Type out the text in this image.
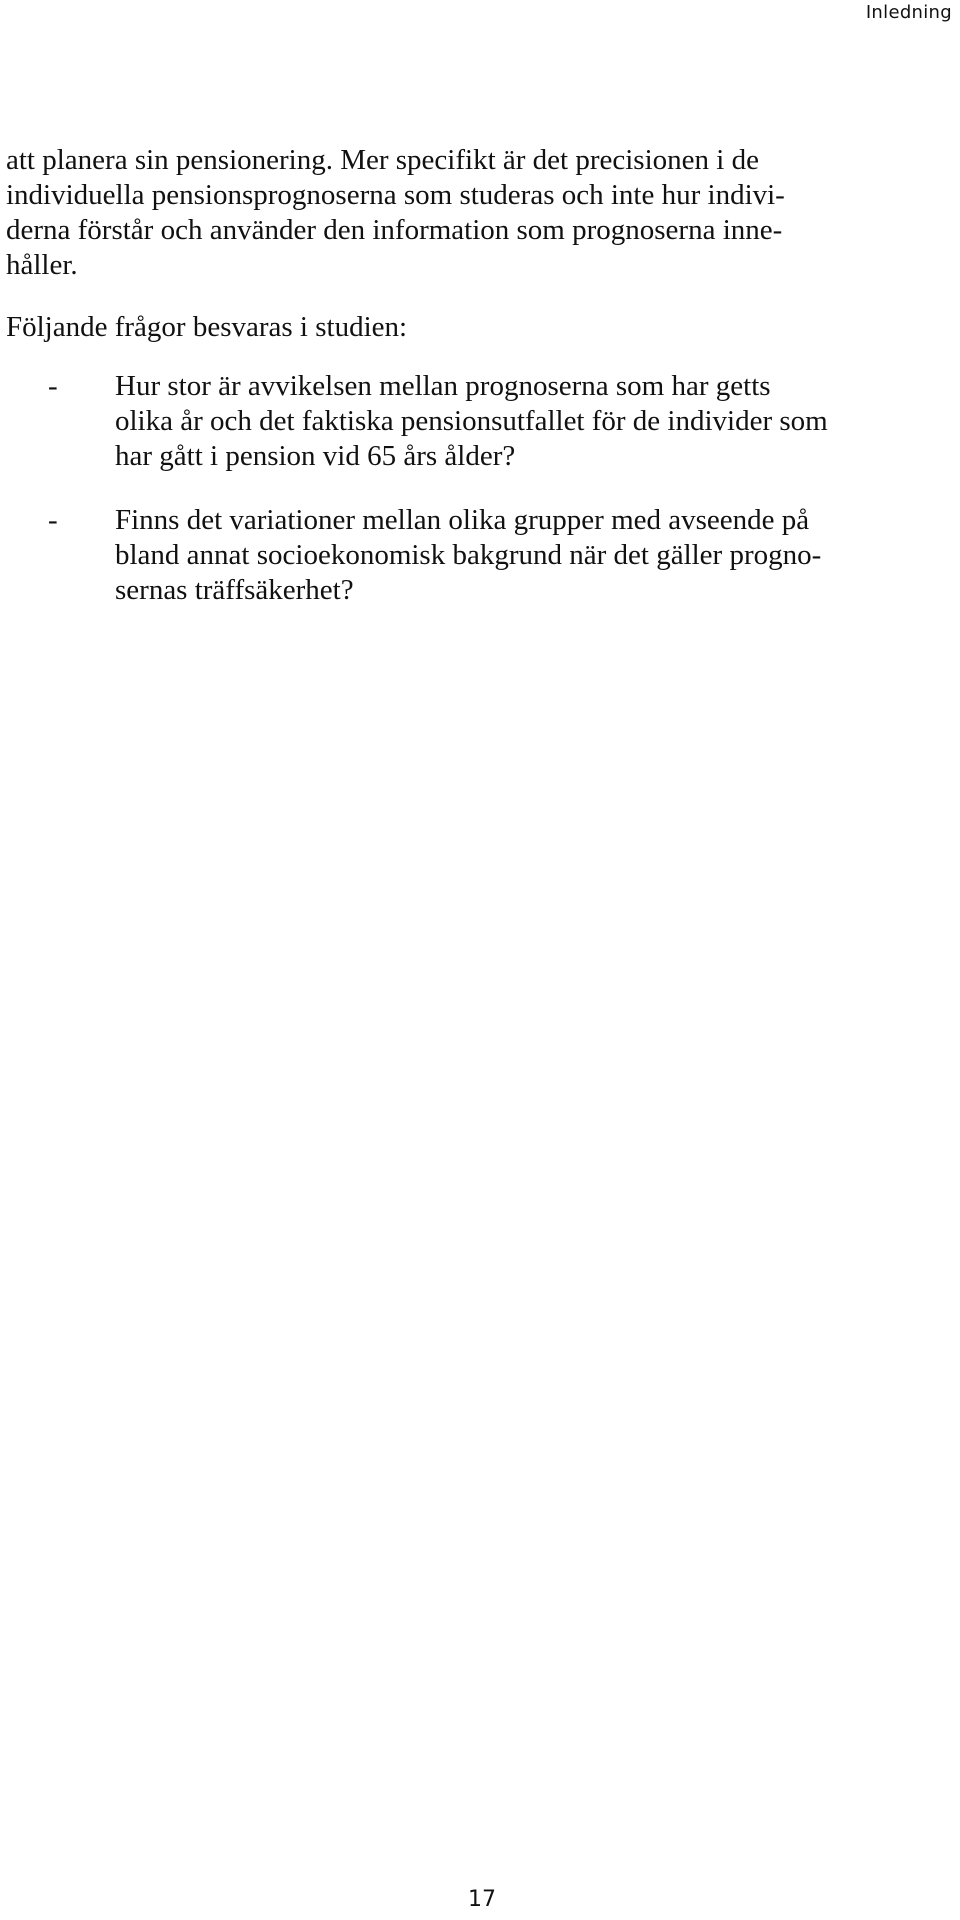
Inledning
att planera sin pensionering. Mer specifikt är det precisionen i de
individuella pensionsprognoserna som studeras och inte hur indivi-
derna förstår och använder den information som prognoserna inne-
håller.
Följande frågor besvaras i studien:
- Hur stor är avvikelsen mellan prognoserna som har getts
olika år och det faktiska pensionsutfallet för de individer som
har gått i pension vid 65 års ålder?
- Finns det variationer mellan olika grupper med avseende på
bland annat socioekonomisk bakgrund när det gäller progno-
sernas träffsäkerhet?
17
